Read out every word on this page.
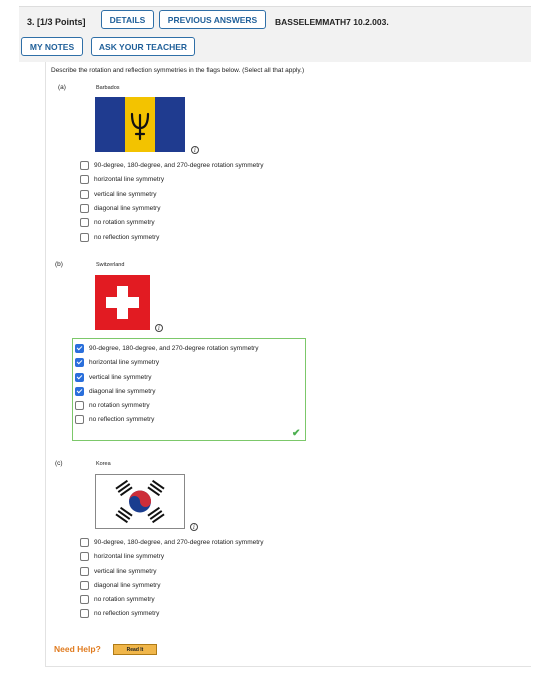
3. [1/3 Points]	DETAILS	PREVIOUS ANSWERS	BASSELEMMATH7 10.2.003.
MY NOTES	ASK YOUR TEACHER
Describe the rotation and reflection symmetries in the flags below. (Select all that apply.)
(a)	Barbados
i
90-degree, 180-degree, and 270-degree rotation symmetry
horizontal line symmetry
vertical line symmetry
diagonal line symmetry
no rotation symmetry
no reflection symmetry
(b)	Switzerland
i
90-degree, 180-degree, and 270-degree rotation symmetry
horizontal line symmetry
vertical line symmetry
diagonal line symmetry
no rotation symmetry
no reflection symmetry
✔
(c)	Korea
i
90-degree, 180-degree, and 270-degree rotation symmetry
horizontal line symmetry
vertical line symmetry
diagonal line symmetry
no rotation symmetry
no reflection symmetry
Need Help?	Read It
